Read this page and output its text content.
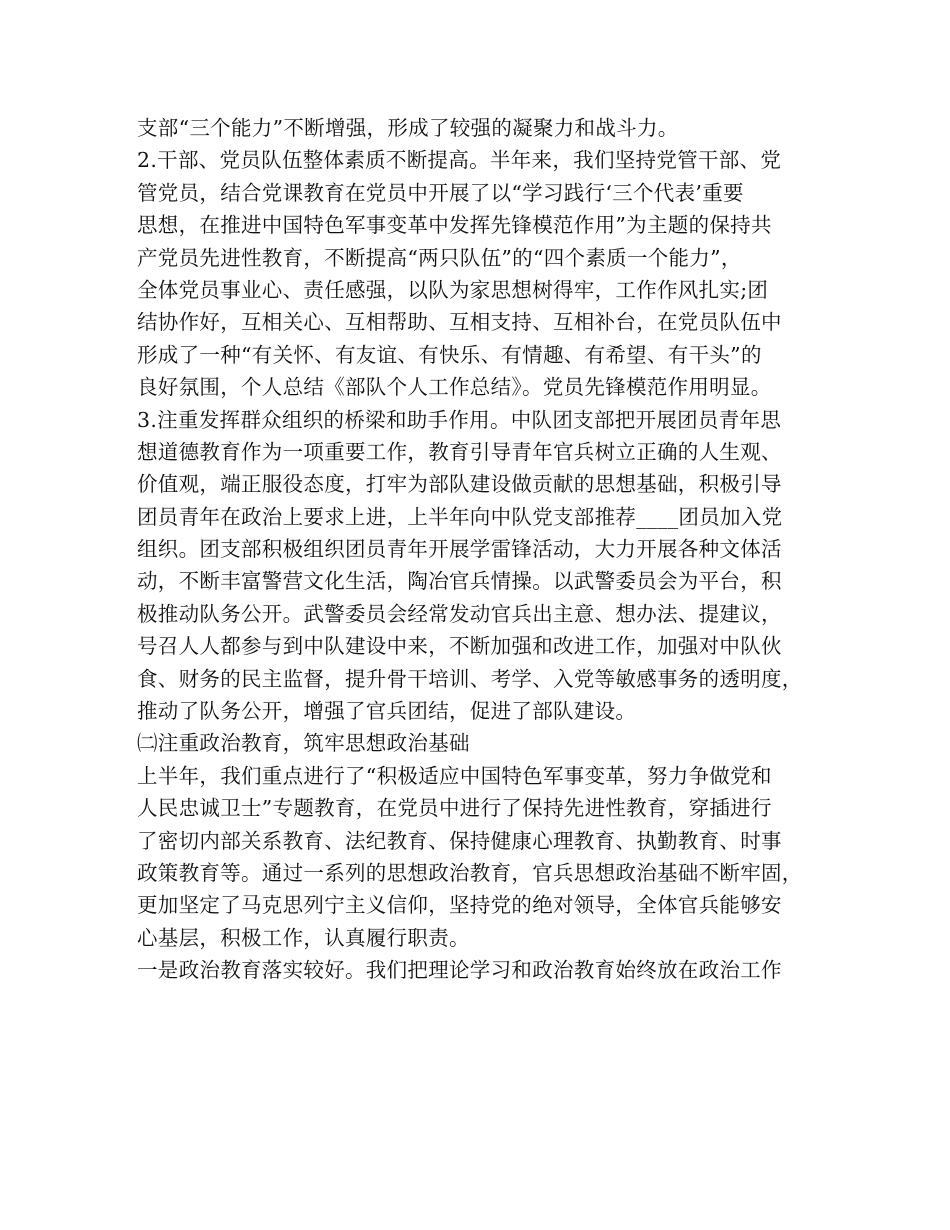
支部“三个能力”不断增强，形成了较强的凝聚力和战斗力。
2.干部、党员队伍整体素质不断提高。半年来，我们坚持党管干部、党
管党员，结合党课教育在党员中开展了以“学习践行‘三个代表’重要
思想，在推进中国特色军事变革中发挥先锋模范作用”为主题的保持共
产党员先进性教育，不断提高“两只队伍”的“四个素质一个能力”，
全体党员事业心、责任感强，以队为家思想树得牢，工作作风扎实;团
结协作好，互相关心、互相帮助、互相支持、互相补台，在党员队伍中
形成了一种“有关怀、有友谊、有快乐、有情趣、有希望、有干头”的
良好氛围，个人总结《部队个人工作总结》。党员先锋模范作用明显。
3.注重发挥群众组织的桥梁和助手作用。中队团支部把开展团员青年思
想道德教育作为一项重要工作，教育引导青年官兵树立正确的人生观、
价值观，端正服役态度，打牢为部队建设做贡献的思想基础，积极引导
团员青年在政治上要求上进，上半年向中队党支部推荐____团员加入党
组织。团支部积极组织团员青年开展学雷锋活动，大力开展各种文体活
动，不断丰富警营文化生活，陶冶官兵情操。以武警委员会为平台，积
极推动队务公开。武警委员会经常发动官兵出主意、想办法、提建议，
号召人人都参与到中队建设中来，不断加强和改进工作，加强对中队伙
食、财务的民主监督，提升骨干培训、考学、入党等敏感事务的透明度，
推动了队务公开，增强了官兵团结，促进了部队建设。
㈡注重政治教育，筑牢思想政治基础
上半年，我们重点进行了“积极适应中国特色军事变革，努力争做党和
人民忠诚卫士”专题教育，在党员中进行了保持先进性教育，穿插进行
了密切内部关系教育、法纪教育、保持健康心理教育、执勤教育、时事
政策教育等。通过一系列的思想政治教育，官兵思想政治基础不断牢固，
更加坚定了马克思列宁主义信仰，坚持党的绝对领导，全体官兵能够安
心基层，积极工作，认真履行职责。
一是政治教育落实较好。我们把理论学习和政治教育始终放在政治工作
